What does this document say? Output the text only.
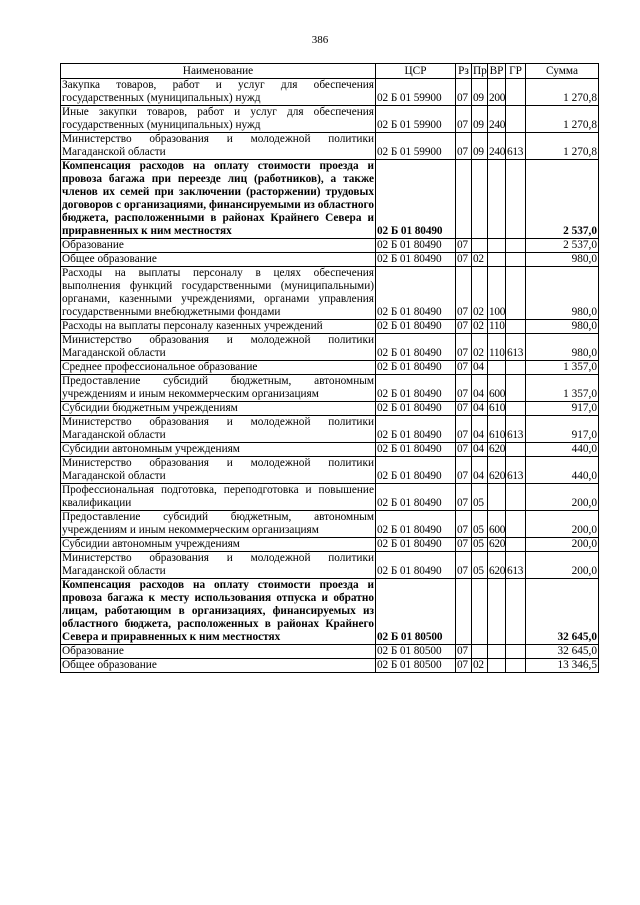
386
Наименование	ЦСР	Рз	Пр	ВР	ГР	Сумма
Закупка товаров, работ и услуг для обеспечения государственных (муниципальных) нужд	02 Б 01 59900	07	09	200		1 270,8
Иные закупки товаров, работ и услуг для обеспечения государственных (муниципальных) нужд	02 Б 01 59900	07	09	240		1 270,8
Министерство образования и молодежной политики Магаданской области	02 Б 01 59900	07	09	240	613	1 270,8
Компенсация расходов на оплату стоимости проезда и провоза багажа при переезде лиц (работников), а также членов их семей при заключении (расторжении) трудовых договоров с организациями, финансируемыми из областного бюджета, расположенными в районах Крайнего Севера и приравненных к ним местностях	02 Б 01 80490					2 537,0
Образование	02 Б 01 80490	07				2 537,0
Общее образование	02 Б 01 80490	07	02			980,0
Расходы на выплаты персоналу в целях обеспечения выполнения функций государственными (муниципальными) органами, казенными учреждениями, органами управления государственными внебюджетными фондами	02 Б 01 80490	07	02	100		980,0
Расходы на выплаты персоналу казенных учреждений	02 Б 01 80490	07	02	110		980,0
Министерство образования и молодежной политики Магаданской области	02 Б 01 80490	07	02	110	613	980,0
Среднее профессиональное образование	02 Б 01 80490	07	04			1 357,0
Предоставление субсидий бюджетным, автономным учреждениям и иным некоммерческим организациям	02 Б 01 80490	07	04	600		1 357,0
Субсидии бюджетным учреждениям	02 Б 01 80490	07	04	610		917,0
Министерство образования и молодежной политики Магаданской области	02 Б 01 80490	07	04	610	613	917,0
Субсидии автономным учреждениям	02 Б 01 80490	07	04	620		440,0
Министерство образования и молодежной политики Магаданской области	02 Б 01 80490	07	04	620	613	440,0
Профессиональная подготовка, переподготовка и повышение квалификации	02 Б 01 80490	07	05			200,0
Предоставление субсидий бюджетным, автономным учреждениям и иным некоммерческим организациям	02 Б 01 80490	07	05	600		200,0
Субсидии автономным учреждениям	02 Б 01 80490	07	05	620		200,0
Министерство образования и молодежной политики Магаданской области	02 Б 01 80490	07	05	620	613	200,0
Компенсация расходов на оплату стоимости проезда и провоза багажа к месту использования отпуска и обратно лицам, работающим в организациях, финансируемых из областного бюджета, расположенных в районах Крайнего Севера и приравненных к ним местностях	02 Б 01 80500					32 645,0
Образование	02 Б 01 80500	07				32 645,0
Общее образование	02 Б 01 80500	07	02			13 346,5
